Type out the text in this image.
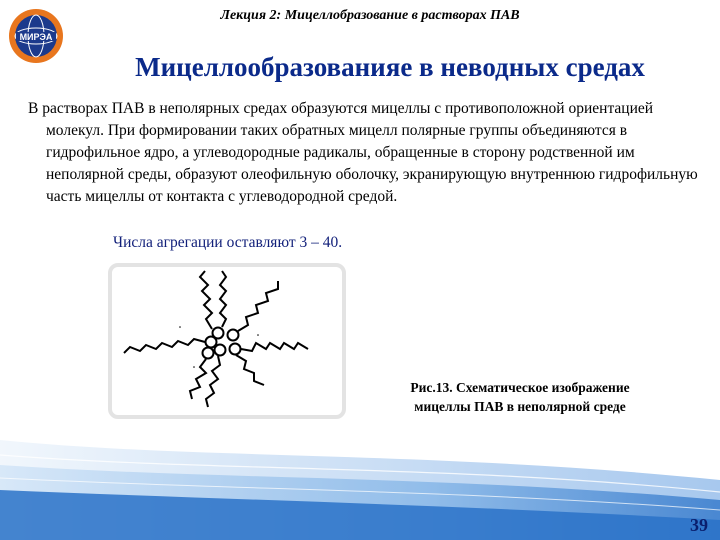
МИРЭА
Лекция 2: Мицеллобразование в растворах ПАВ
Мицеллообразованияе в неводных средах

В растворах ПАВ в неполярных средах образуются мицеллы с противоположной ориентацией молекул. При формировании таких обратных мицелл полярные группы объединяются в гидрофильное ядро, а углеводородные радикалы, обращенные в сторону родственной им неполярной среды, образуют олеофильную оболочку, экранирующую внутреннюю гидрофильную часть мицеллы от контакта с углеводородной средой.

Числа агрегации оставляют 3 – 40.
Рис.13. Схематическое изображение
мицеллы ПАВ в неполярной среде
39
